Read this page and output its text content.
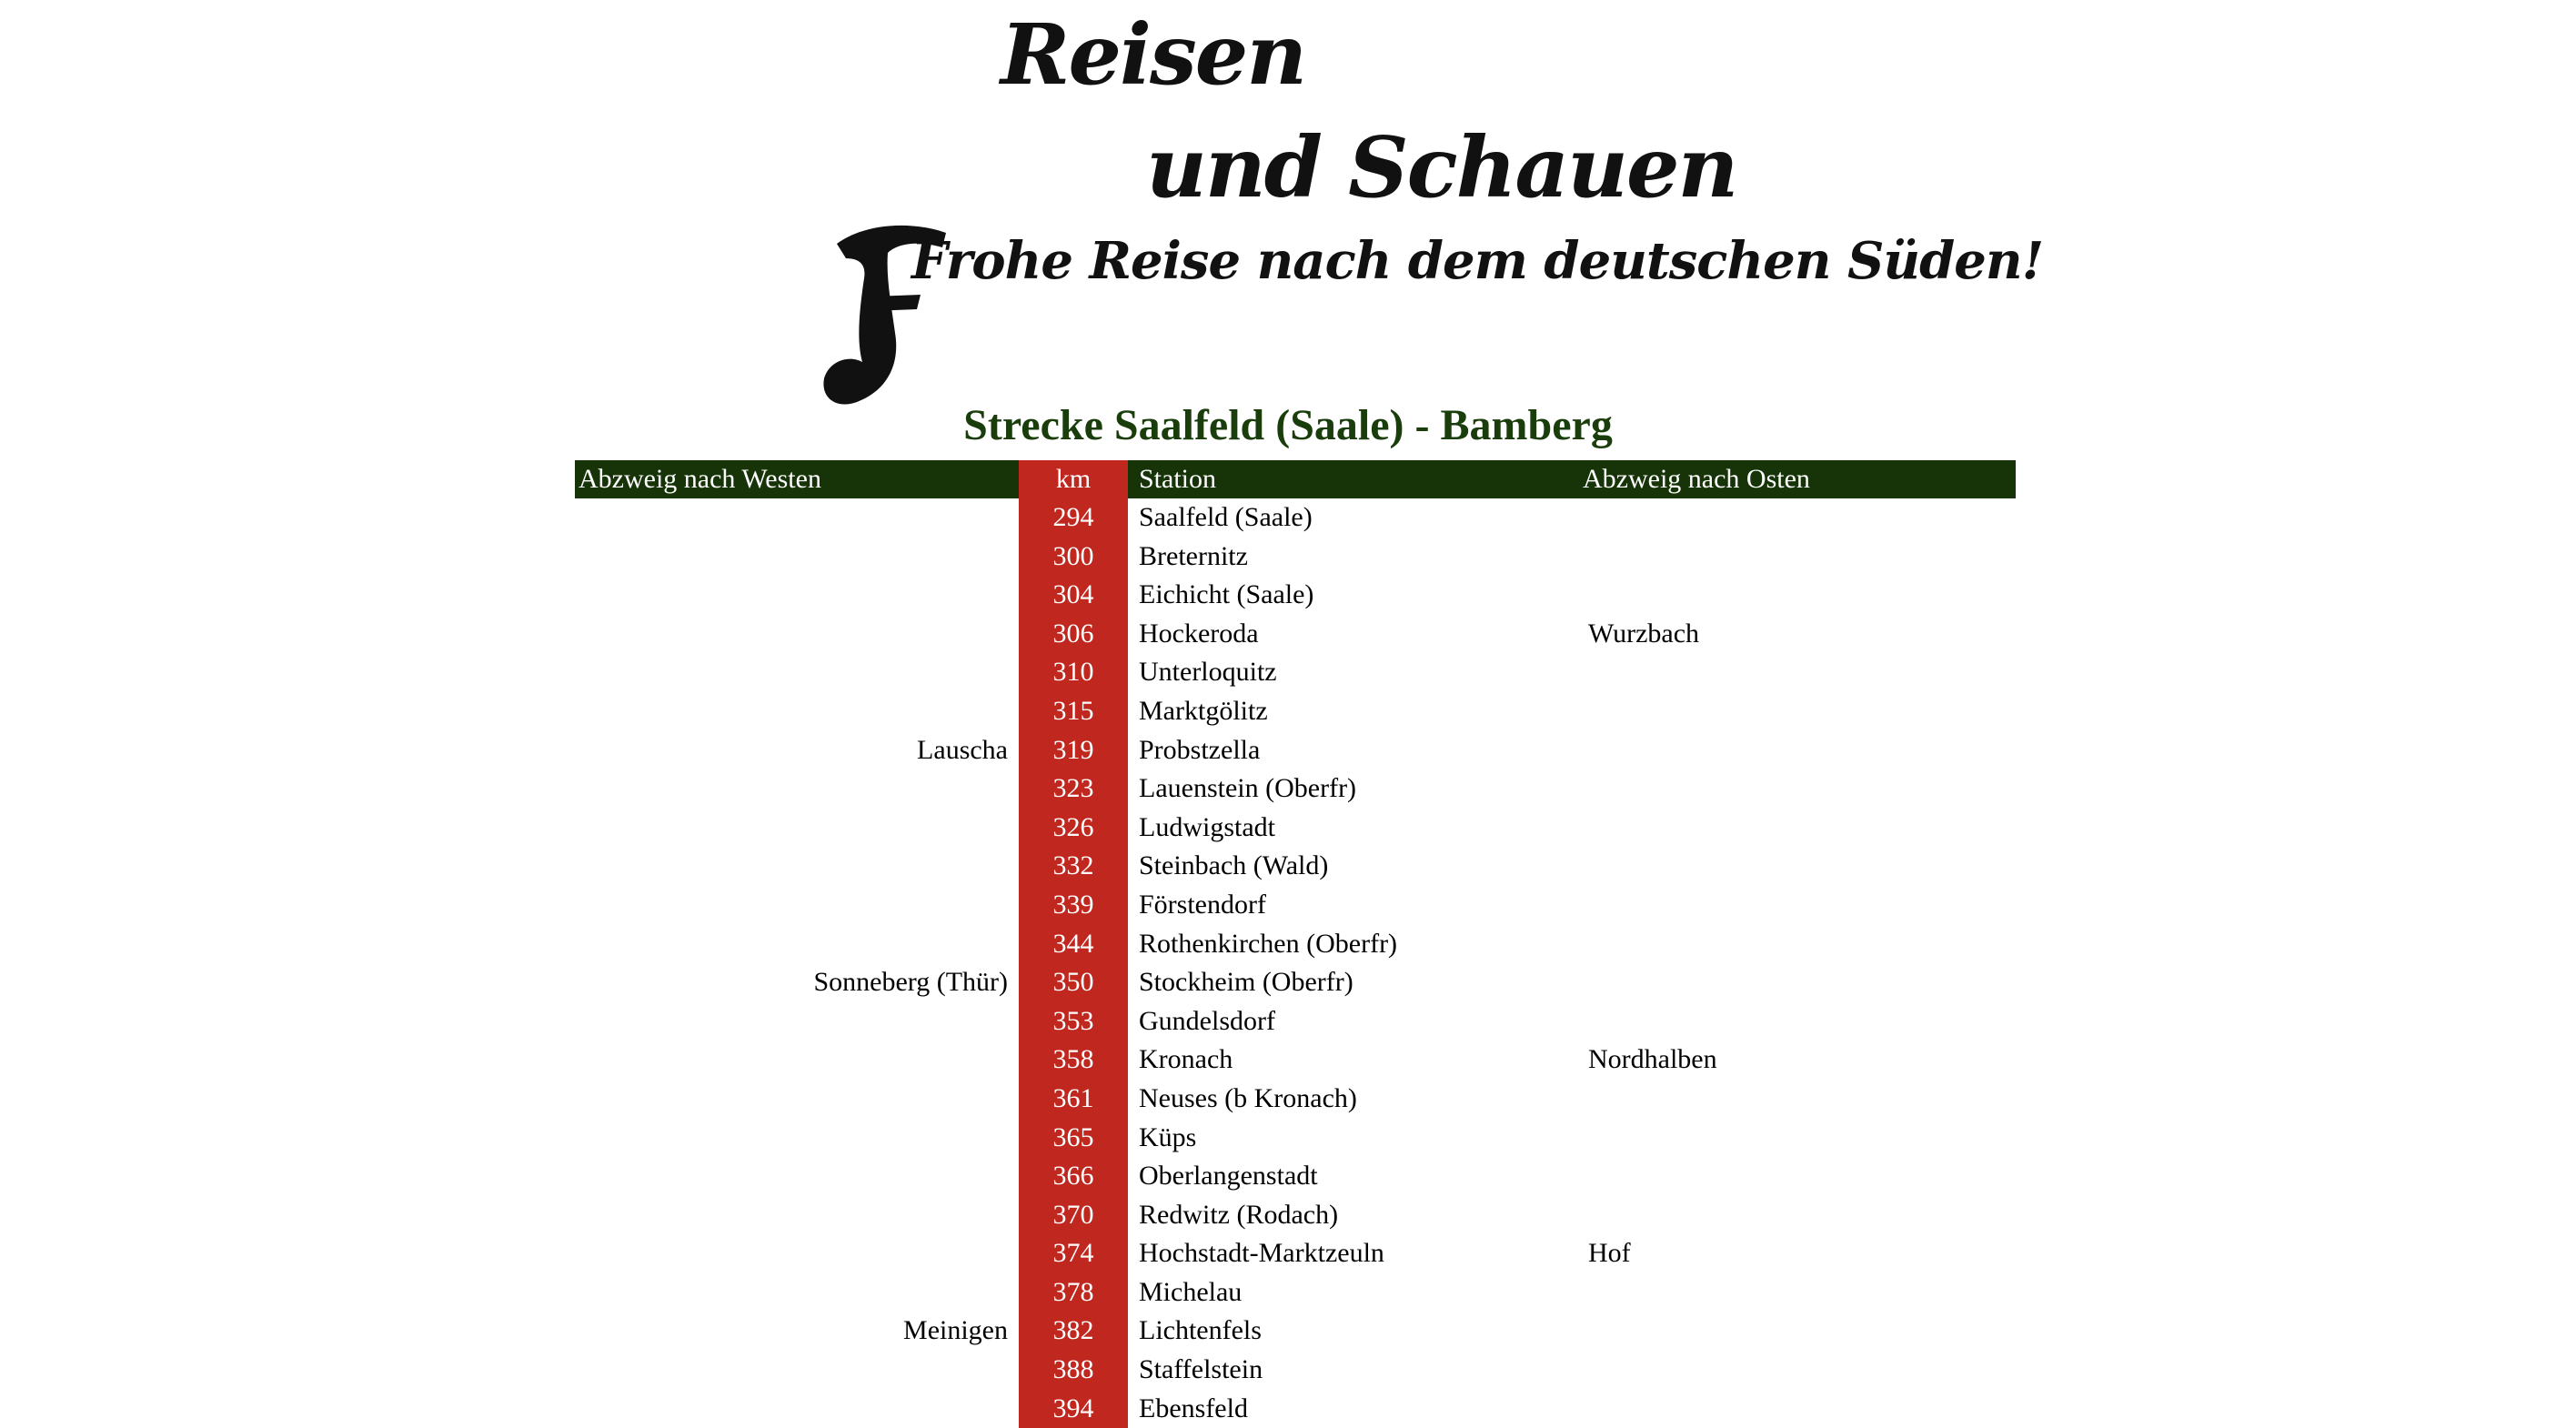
Reisen
und Schauen
Frohe Reise nach dem deutschen Süden!
Strecke Saalfeld (Saale) - Bamberg
Abzweig nach Westen	km	Station	Abzweig nach Osten
294	Saalfeld (Saale)
300	Breternitz
304	Eichicht (Saale)
306	Hockeroda	Wurzbach
310	Unterloquitz
315	Marktgölitz
Lauscha	319	Probstzella
323	Lauenstein (Oberfr)
326	Ludwigstadt
332	Steinbach (Wald)
339	Förstendorf
344	Rothenkirchen (Oberfr)
Sonneberg (Thür)	350	Stockheim (Oberfr)
353	Gundelsdorf
358	Kronach	Nordhalben
361	Neuses (b Kronach)
365	Küps
366	Oberlangenstadt
370	Redwitz (Rodach)
374	Hochstadt-Marktzeuln	Hof
378	Michelau
Meinigen	382	Lichtenfels
388	Staffelstein
394	Ebensfeld
